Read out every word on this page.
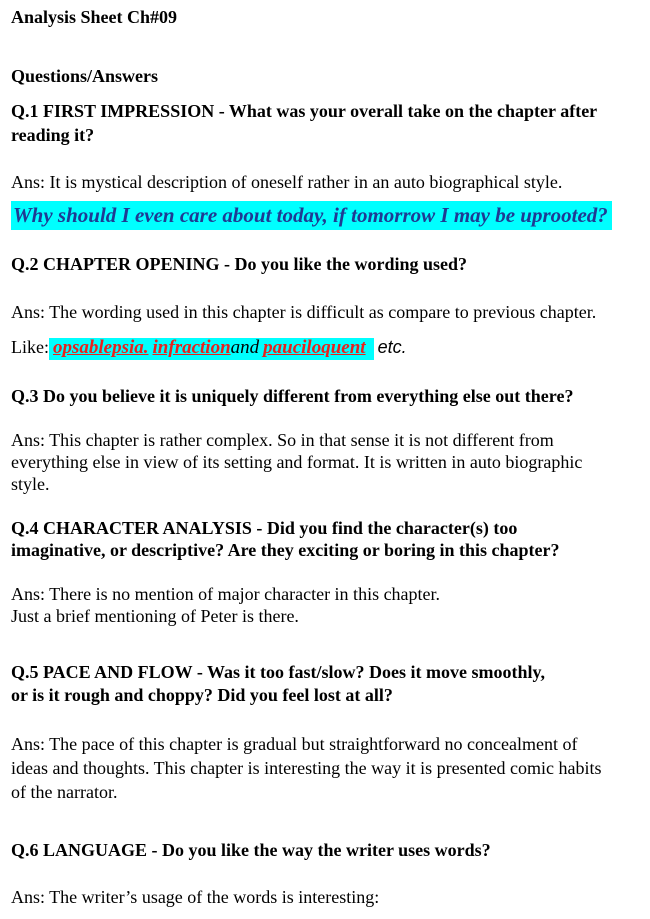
Analysis Sheet Ch#09

Questions/Answers

Q.1 FIRST IMPRESSION - What was your overall take on the chapter after

reading it?

Ans: It is mystical description of oneself rather in an auto biographical style.

Why should I even care about today, if tomorrow I may be uprooted?

Q.2 CHAPTER OPENING - Do you like the wording used?

Ans: The wording used in this chapter is difficult as compare to previous chapter.

Like: opsablepsia. infractionand pauciloquent etc.

Q.3 Do you believe it is uniquely different from everything else out there?

Ans: This chapter is rather complex. So in that sense it is not different from

everything else in view of its setting and format. It is written in auto biographic

style.

Q.4 CHARACTER ANALYSIS - Did you find the character(s) too

imaginative, or descriptive? Are they exciting or boring in this chapter?

Ans: There is no mention of major character in this chapter.

Just a brief mentioning of Peter is there.

Q.5 PACE AND FLOW - Was it too fast/slow? Does it move smoothly,

or is it rough and choppy? Did you feel lost at all?

Ans: The pace of this chapter is gradual but straightforward no concealment of

ideas and thoughts. This chapter is interesting the way it is presented comic habits

of the narrator.

Q.6 LANGUAGE - Do you like the way the writer uses words?

Ans: The writer’s usage of the words is interesting:
